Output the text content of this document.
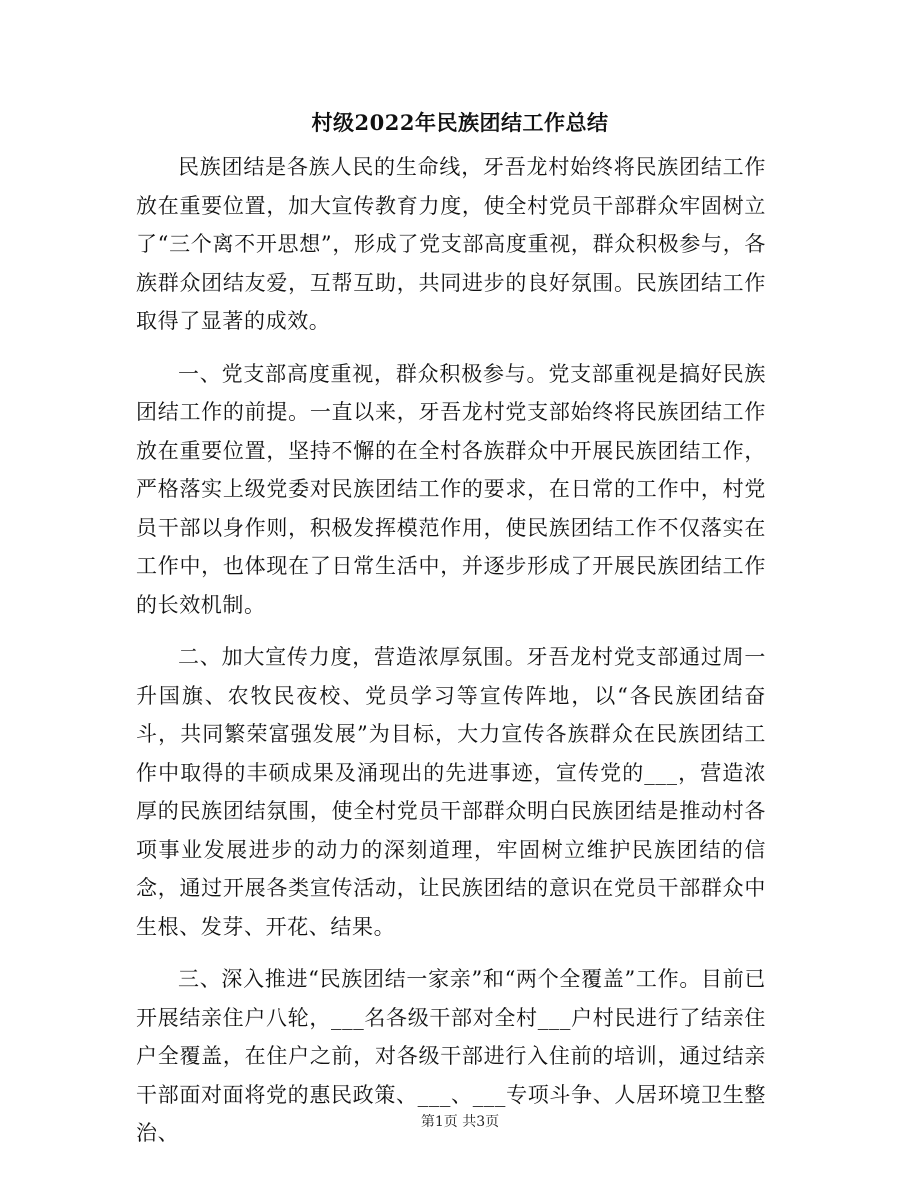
村级2022年民族团结工作总结

民族团结是各族人民的生命线，牙吾龙村始终将民族团结工作放在重要位置，加大宣传教育力度，使全村党员干部群众牢固树立了“三个离不开思想”，形成了党支部高度重视，群众积极参与，各族群众团结友爱，互帮互助，共同进步的良好氛围。民族团结工作取得了显著的成效。

一、党支部高度重视，群众积极参与。党支部重视是搞好民族团结工作的前提。一直以来，牙吾龙村党支部始终将民族团结工作放在重要位置，坚持不懈的在全村各族群众中开展民族团结工作，严格落实上级党委对民族团结工作的要求，在日常的工作中，村党员干部以身作则，积极发挥模范作用，使民族团结工作不仅落实在工作中，也体现在了日常生活中，并逐步形成了开展民族团结工作的长效机制。

二、加大宣传力度，营造浓厚氛围。牙吾龙村党支部通过周一升国旗、农牧民夜校、党员学习等宣传阵地，以“各民族团结奋斗，共同繁荣富强发展”为目标，大力宣传各族群众在民族团结工作中取得的丰硕成果及涌现出的先进事迹，宣传党的___，营造浓厚的民族团结氛围，使全村党员干部群众明白民族团结是推动村各项事业发展进步的动力的深刻道理，牢固树立维护民族团结的信念，通过开展各类宣传活动，让民族团结的意识在党员干部群众中生根、发芽、开花、结果。

三、深入推进“民族团结一家亲”和“两个全覆盖”工作。目前已开展结亲住户八轮，___名各级干部对全村___户村民进行了结亲住户全覆盖，在住户之前，对各级干部进行入住前的培训，通过结亲干部面对面将党的惠民政策、___、___专项斗争、人居环境卫生整治、	第1页 共3页
